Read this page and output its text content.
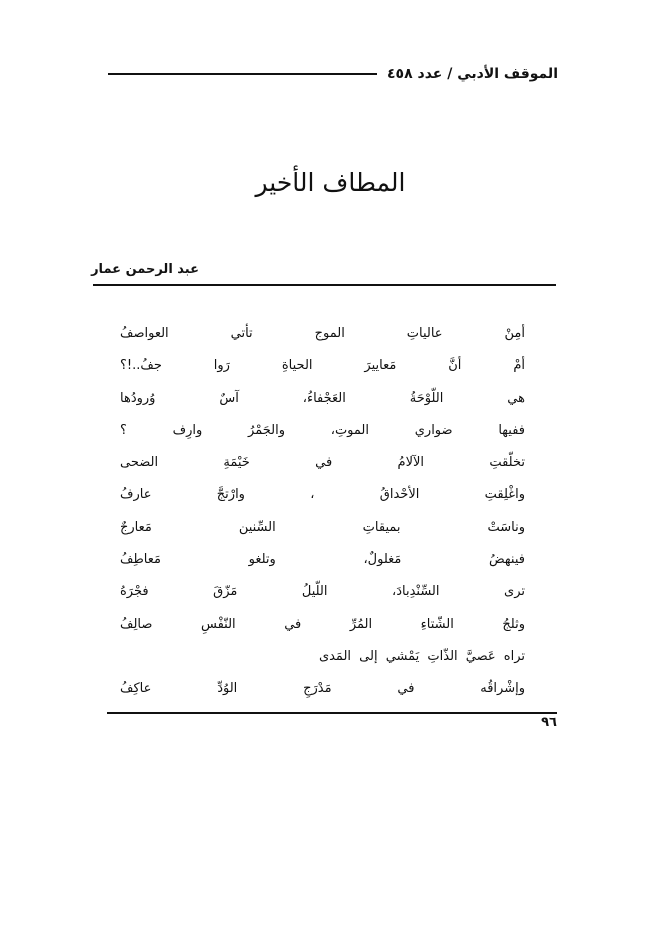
الموقف الأدبي / عدد ٤٥٨
المطاف الأخير
عبد الرحمن عمار
أمِنْ عالياتِ الموج تأتي العواصفُ
أمْ أنَّ مَعاييرَ الحياةِ رَوا جفُ..!؟
هي اللّوْحَةُ العَجْفاءُ، آسٌ وُرودُها
ففيها ضواري الموتِ، والجَمْرُ وارِف ؟
تخلّقتِ الآلامُ في خَيْمَةِ الضحى
واغْلِقتِ الأحْداقُ ، وارْتجَّ عارفُ
وناسَتْ بميقاتِ السِّنين مَعارجٌ
فينهضُ مَغلولٌ، وتلغو مَعاطِفُ
ترى السِّنْدِبادَ، اللّيلُ مَزّقَ فجْرَهُ
وثلجُ الشّتاءِ المُرِّ في النّفْسِ صالِفُ
تراه عَصيَّ الذّاتِ يَمْشي إلى المَدى
وإشْراقُه في مَدْرَجِ الوُدِّ عاكِفُ
٩٦
